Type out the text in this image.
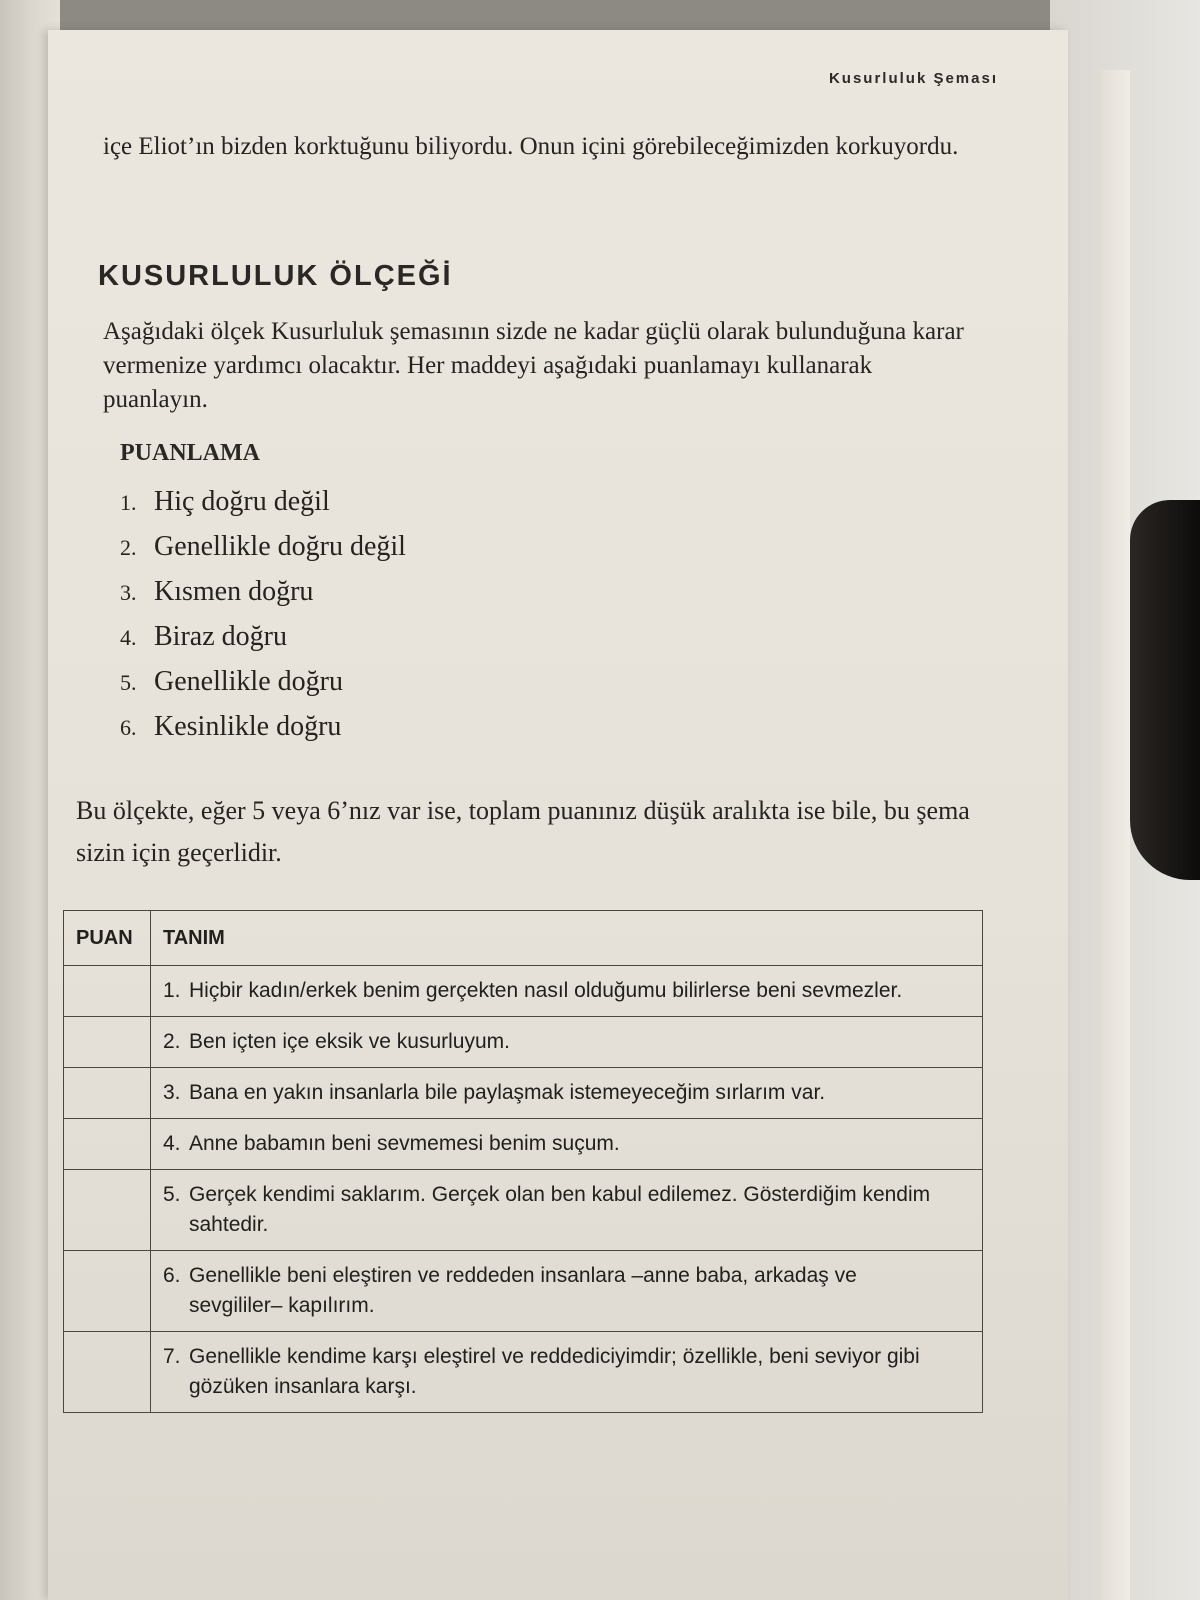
Kusurluluk Şeması
içe Eliot’ın bizden korktuğunu biliyordu. Onun içini görebileceğimizden korkuyordu.
KUSURLULUK ÖLÇEĞİ
Aşağıdaki ölçek Kusurluluk şemasının sizde ne kadar güçlü olarak bulunduğuna karar vermenize yardımcı olacaktır. Her maddeyi aşağıdaki puanlamayı kullanarak puanlayın.
PUANLAMA
1. Hiç doğru değil
2. Genellikle doğru değil
3. Kısmen doğru
4. Biraz doğru
5. Genellikle doğru
6. Kesinlikle doğru
Bu ölçekte, eğer 5 veya 6’nız var ise, toplam puanınız düşük aralıkta ise bile, bu şema sizin için geçerlidir.
PUAN	TANIM
	1. Hiçbir kadın/erkek benim gerçekten nasıl olduğumu bilirlerse beni sevmezler.
	2. Ben içten içe eksik ve kusurluyum.
	3. Bana en yakın insanlarla bile paylaşmak istemeyeceğim sırlarım var.
	4. Anne babamın beni sevmemesi benim suçum.
	5. Gerçek kendimi saklarım. Gerçek olan ben kabul edilemez. Gösterdiğim kendim sahtedir.
	6. Genellikle beni eleştiren ve reddeden insanlara –anne baba, arkadaş ve sevgililer– kapılırım.
	7. Genellikle kendime karşı eleştirel ve reddediciyimdir; özellikle, beni seviyor gibi gözüken insanlara karşı.
